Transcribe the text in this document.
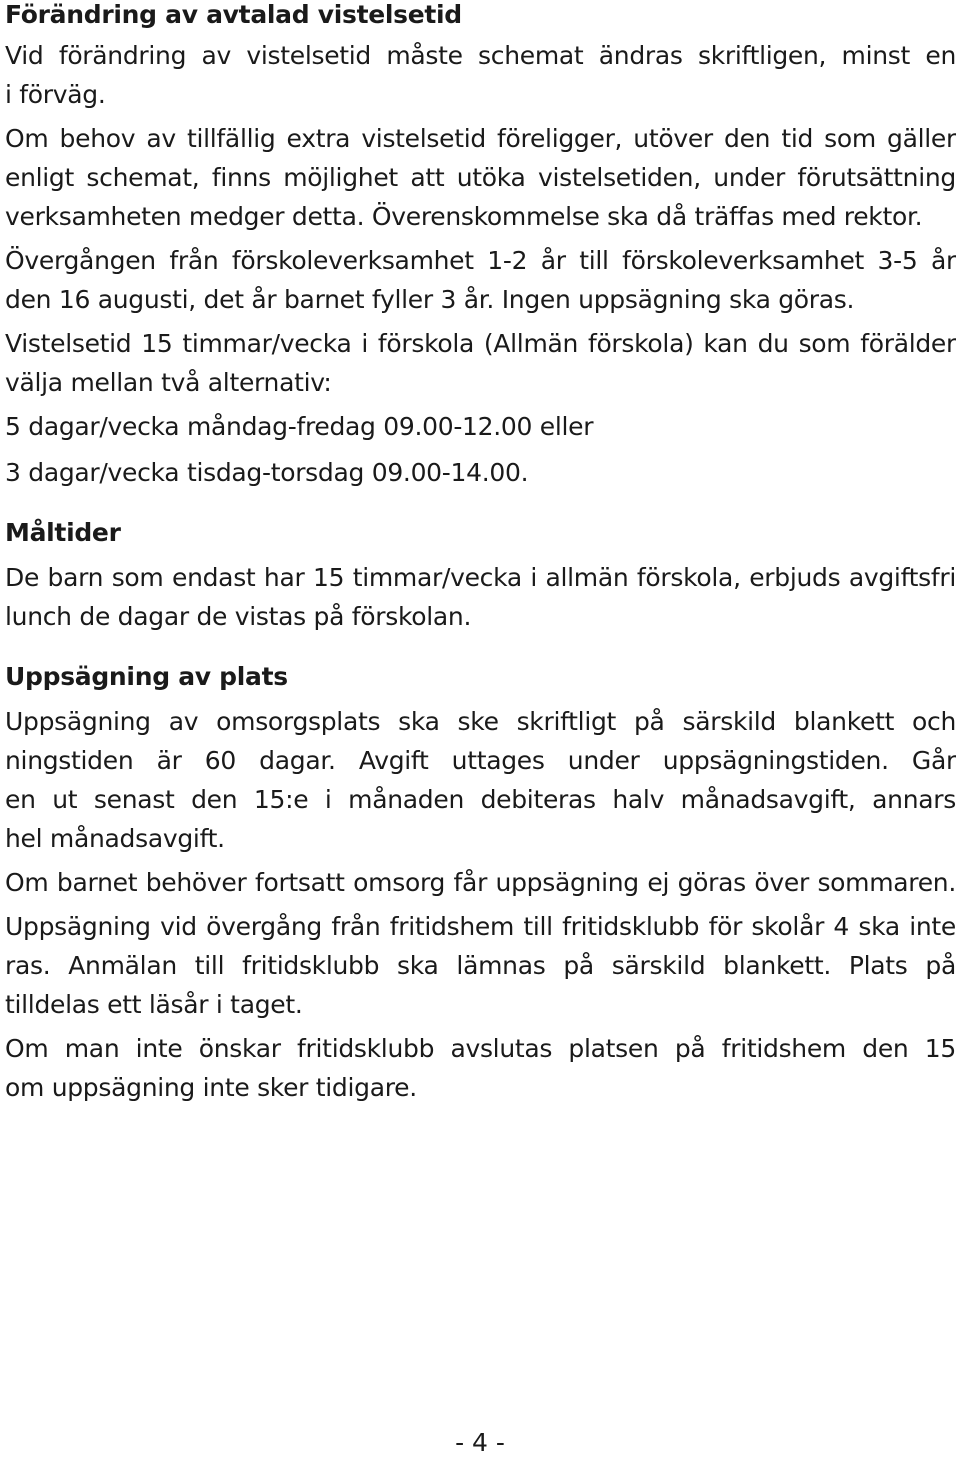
Förändring av avtalad vistelsetid
Vid förändring av vistelsetid måste schemat ändras skriftligen, minst en
i förväg.
Om behov av tillfällig extra vistelsetid föreligger, utöver den tid som gäller
enligt schemat, finns möjlighet att utöka vistelsetiden, under förutsättning
verksamheten medger detta. Överenskommelse ska då träffas med rektor.
Övergången från förskoleverksamhet 1-2 år till förskoleverksamhet 3-5 år
den 16 augusti, det år barnet fyller 3 år. Ingen uppsägning ska göras.
Vistelsetid 15 timmar/vecka i förskola (Allmän förskola) kan du som förälder
välja mellan två alternativ:
5 dagar/vecka måndag-fredag 09.00-12.00 eller
3 dagar/vecka tisdag-torsdag 09.00-14.00.
Måltider
De barn som endast har 15 timmar/vecka i allmän förskola, erbjuds avgiftsfri
lunch de dagar de vistas på förskolan.
Uppsägning av plats
Uppsägning av omsorgsplats ska ske skriftligt på särskild blankett och
ningstiden är 60 dagar. Avgift uttages under uppsägningstiden. Går
en ut senast den 15:e i månaden debiteras halv månadsavgift, annars
hel månadsavgift.
Om barnet behöver fortsatt omsorg får uppsägning ej göras över sommaren.
Uppsägning vid övergång från fritidshem till fritidsklubb för skolår 4 ska inte
ras. Anmälan till fritidsklubb ska lämnas på särskild blankett. Plats på
tilldelas ett läsår i taget.
Om man inte önskar fritidsklubb avslutas platsen på fritidshem den 15
om uppsägning inte sker tidigare.
- 4 -
